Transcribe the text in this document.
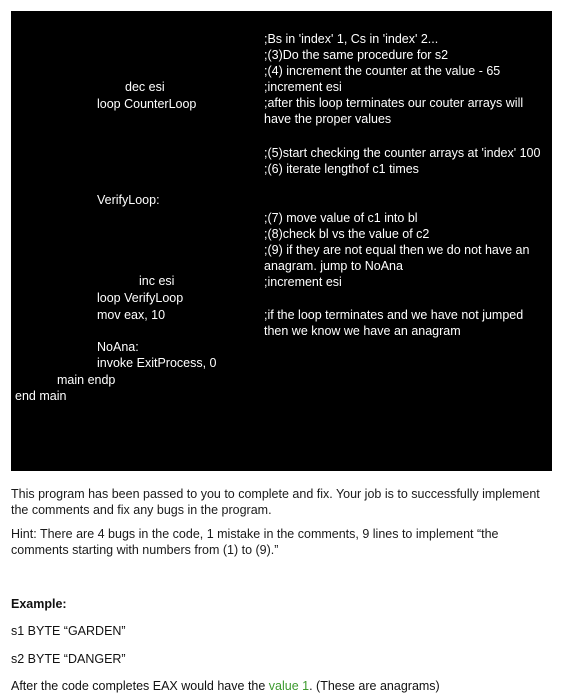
dec esi
loop CounterLoop
VerifyLoop:
inc esi
loop VerifyLoop
mov eax, 10
NoAna:
invoke ExitProcess, 0
main endp
end main
;Bs in 'index' 1, Cs in 'index' 2...
;(3)Do the same procedure for s2
;(4) increment the counter at the value - 65
;increment esi
;after this loop terminates our couter arrays will have the proper values
;(5)start checking the counter arrays at 'index' 100
;(6) iterate lengthof c1 times
;(7) move value of c1 into bl
;(8)check bl vs the value of c2
;(9) if they are not equal then we do not have an anagram. jump to NoAna
;increment esi
;if the loop terminates and we have not jumped then we know we have an anagram

This program has been passed to you to complete and fix. Your job is to successfully implement the comments and fix any bugs in the program.

Hint: There are 4 bugs in the code, 1 mistake in the comments, 9 lines to implement “the comments starting with numbers from (1) to (9).”

Example:
s1 BYTE “GARDEN”
s2 BYTE “DANGER”
After the code completes EAX would have the value 1. (These are anagrams)
